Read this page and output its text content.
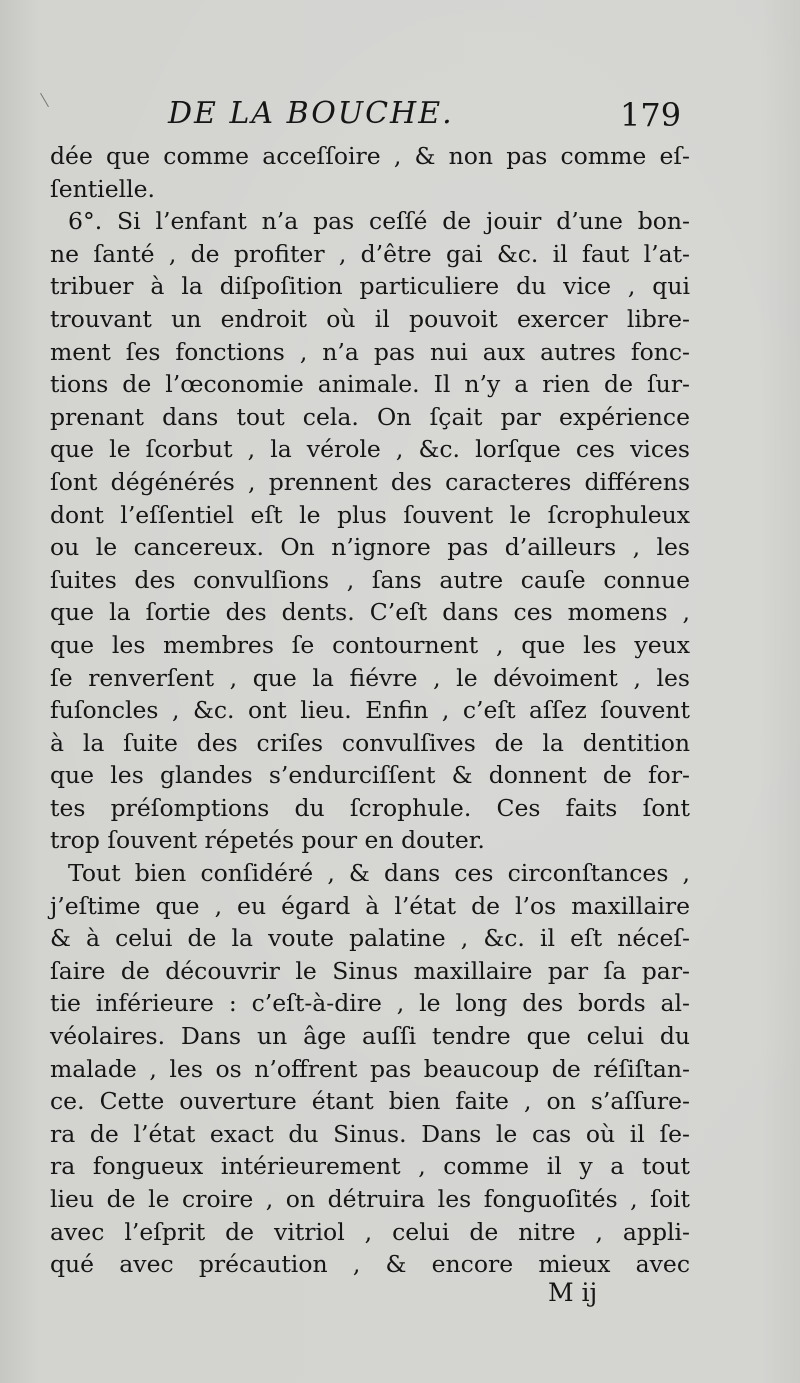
DE LA BOUCHE.	179
dée que comme acceſſoire , & non pas comme eſ-
ſentielle.
6°. Si l’enfant n’a pas ceſſé de jouir d’une bon-
ne ſanté , de profiter , d’être gai &c. il faut l’at-
tribuer à la diſpoſition particuliere du vice , qui
trouvant un endroit où il pouvoit exercer libre-
ment ſes fonctions , n’a pas nui aux autres fonc-
tions de l’œconomie animale. Il n’y a rien de ſur-
prenant dans tout cela. On ſçait par expérience
que le ſcorbut , la vérole , &c. lorſque ces vices
ſont dégénérés , prennent des caracteres différens
dont l’eſſentiel eſt le plus ſouvent le ſcrophuleux
ou le cancereux. On n’ignore pas d’ailleurs , les
ſuites des convulſions , ſans autre cauſe connue
que la ſortie des dents. C’eſt dans ces momens ,
que les membres ſe contournent , que les yeux
ſe renverſent , que la fiévre , le dévoiment , les
fuſoncles , &c. ont lieu. Enfin , c’eſt aſſez ſouvent
à la ſuite des criſes convulſives de la dentition
que les glandes s’endurciſſent & donnent de for-
tes préſomptions du ſcrophule. Ces faits ſont
trop ſouvent répetés pour en douter.
Tout bien conſidéré , & dans ces circonſtances ,
j’eſtime que , eu égard à l’état de l’os maxillaire
& à celui de la voute palatine , &c. il eſt néceſ-
ſaire de découvrir le Sinus maxillaire par ſa par-
tie inférieure : c’eſt-à-dire , le long des bords al-
véolaires. Dans un âge auſſi tendre que celui du
malade , les os n’offrent pas beaucoup de réſiſtan-
ce. Cette ouverture étant bien faite , on s’aſſure-
ra de l’état exact du Sinus. Dans le cas où il ſe-
ra fongueux intérieurement , comme il y a tout
lieu de le croire , on détruira les fonguoſités , ſoit
avec l’eſprit de vitriol , celui de nitre , appli-
qué avec précaution , & encore mieux avec
M ij
